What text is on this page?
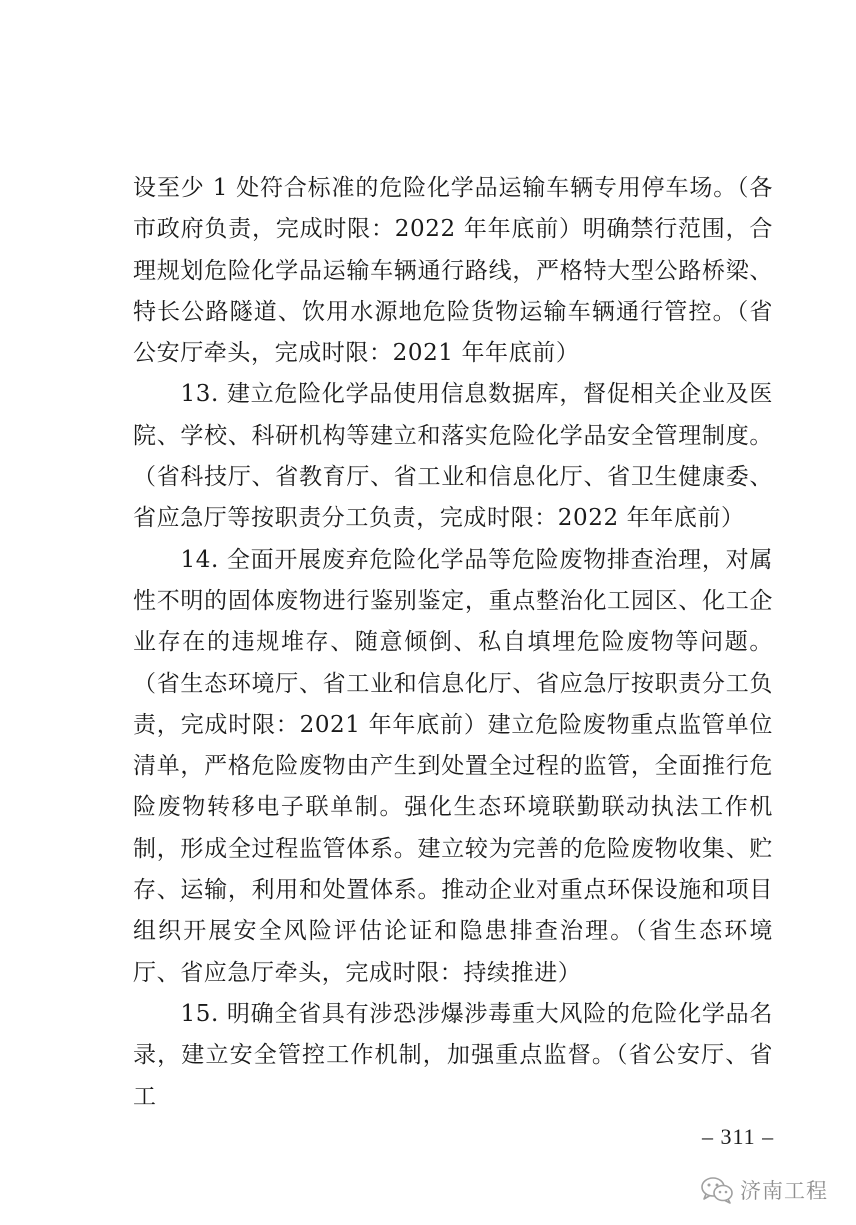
设至少 1 处符合标准的危险化学品运输车辆专用停车场。（各市政府负责，完成时限：2022 年年底前）明确禁行范围，合理规划危险化学品运输车辆通行路线，严格特大型公路桥梁、特长公路隧道、饮用水源地危险货物运输车辆通行管控。（省公安厅牵头，完成时限：2021 年年底前）

　　13. 建立危险化学品使用信息数据库，督促相关企业及医院、学校、科研机构等建立和落实危险化学品安全管理制度。（省科技厅、省教育厅、省工业和信息化厅、省卫生健康委、省应急厅等按职责分工负责，完成时限：2022 年年底前）

　　14. 全面开展废弃危险化学品等危险废物排查治理，对属性不明的固体废物进行鉴别鉴定，重点整治化工园区、化工企业存在的违规堆存、随意倾倒、私自填埋危险废物等问题。（省生态环境厅、省工业和信息化厅、省应急厅按职责分工负责，完成时限：2021 年年底前）建立危险废物重点监管单位清单，严格危险废物由产生到处置全过程的监管，全面推行危险废物转移电子联单制。强化生态环境联勤联动执法工作机制，形成全过程监管体系。建立较为完善的危险废物收集、贮存、运输，利用和处置体系。推动企业对重点环保设施和项目组织开展安全风险评估论证和隐患排查治理。（省生态环境厅、省应急厅牵头，完成时限：持续推进）

　　15. 明确全省具有涉恐涉爆涉毒重大风险的危险化学品名录，建立安全管控工作机制，加强重点监督。（省公安厅、省工

– 311 –
济南工程
